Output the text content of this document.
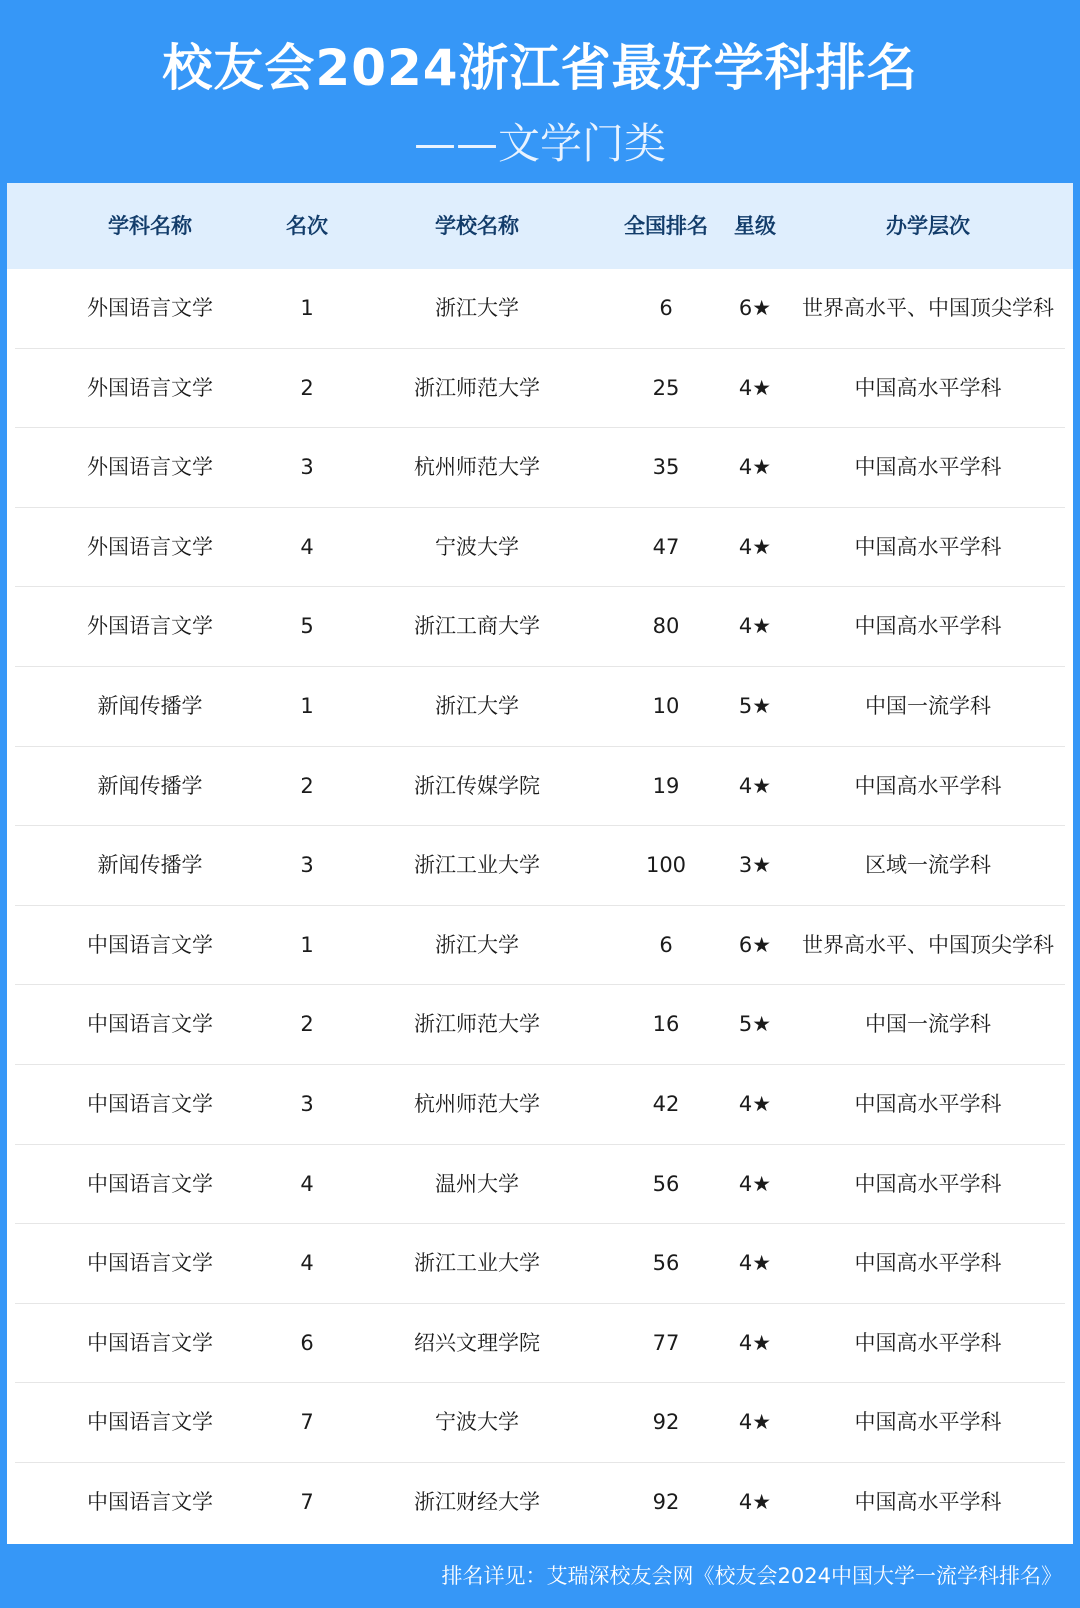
校友会2024浙江省最好学科排名
——文学门类
学科名称	名次	学校名称	全国排名	星级	办学层次
外国语言文学	1	浙江大学	6	6★	世界高水平、中国顶尖学科
外国语言文学	2	浙江师范大学	25	4★	中国高水平学科
外国语言文学	3	杭州师范大学	35	4★	中国高水平学科
外国语言文学	4	宁波大学	47	4★	中国高水平学科
外国语言文学	5	浙江工商大学	80	4★	中国高水平学科
新闻传播学	1	浙江大学	10	5★	中国一流学科
新闻传播学	2	浙江传媒学院	19	4★	中国高水平学科
新闻传播学	3	浙江工业大学	100	3★	区域一流学科
中国语言文学	1	浙江大学	6	6★	世界高水平、中国顶尖学科
中国语言文学	2	浙江师范大学	16	5★	中国一流学科
中国语言文学	3	杭州师范大学	42	4★	中国高水平学科
中国语言文学	4	温州大学	56	4★	中国高水平学科
中国语言文学	4	浙江工业大学	56	4★	中国高水平学科
中国语言文学	6	绍兴文理学院	77	4★	中国高水平学科
中国语言文学	7	宁波大学	92	4★	中国高水平学科
中国语言文学	7	浙江财经大学	92	4★	中国高水平学科
排名详见：艾瑞深校友会网《校友会2024中国大学一流学科排名》
